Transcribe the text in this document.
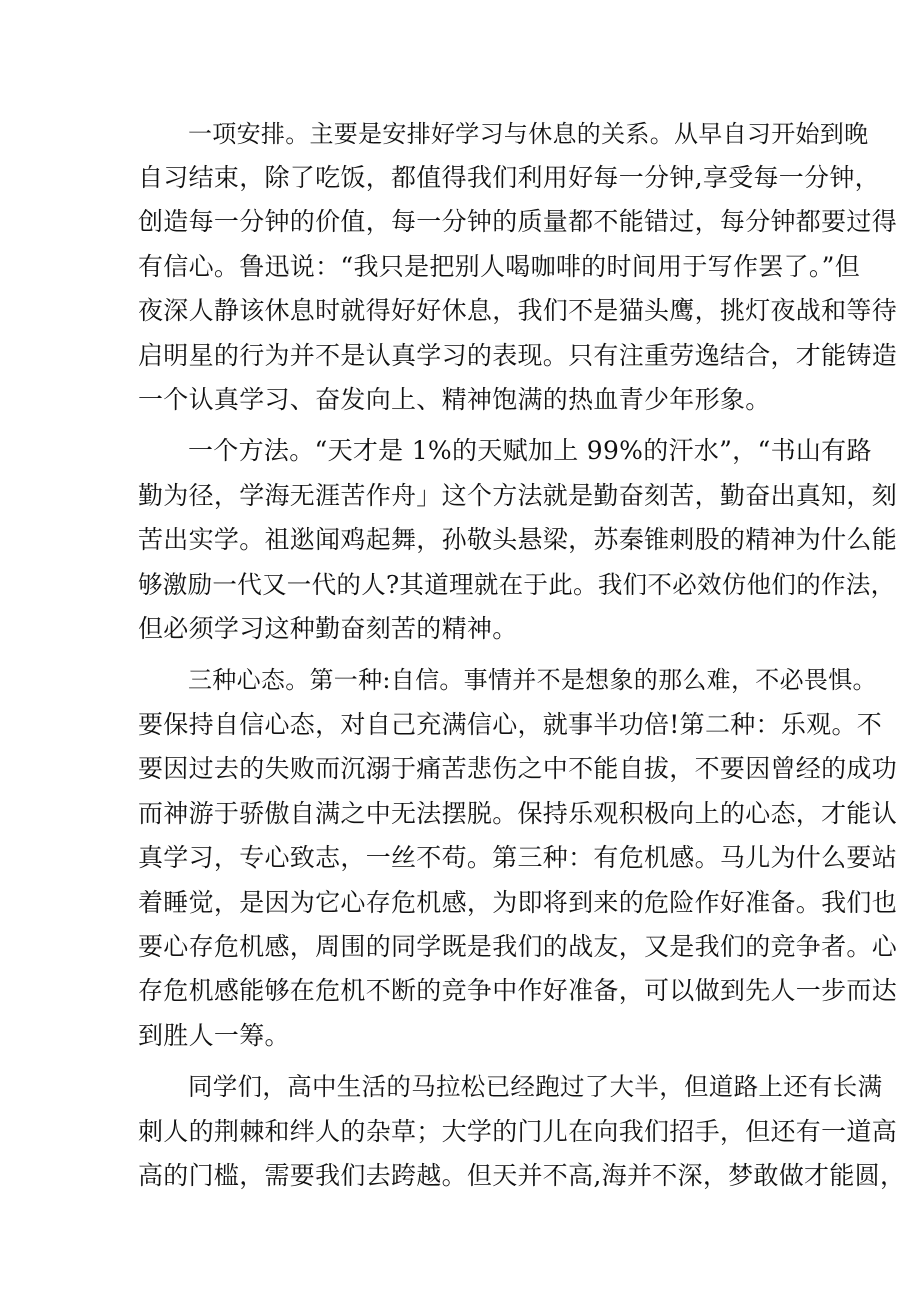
一项安排。主要是安排好学习与休息的关系。从早自习开始到晚
自习结束，除了吃饭，都值得我们利用好每一分钟,享受每一分钟，
创造每一分钟的价值，每一分钟的质量都不能错过，每分钟都要过得
有信心。鲁迅说：“我只是把别人喝咖啡的时间用于写作罢了。”但
夜深人静该休息时就得好好休息，我们不是猫头鹰，挑灯夜战和等待
启明星的行为并不是认真学习的表现。只有注重劳逸结合，才能铸造
一个认真学习、奋发向上、精神饱满的热血青少年形象。
一个方法。“天才是 1%的天赋加上 99%的汗水”，“书山有路
勤为径，学海无涯苦作舟」这个方法就是勤奋刻苦，勤奋出真知，刻
苦出实学。祖逖闻鸡起舞，孙敬头悬梁，苏秦锥刺股的精神为什么能
够激励一代又一代的人?其道理就在于此。我们不必效仿他们的作法，
但必须学习这种勤奋刻苦的精神。
三种心态。第一种:自信。事情并不是想象的那么难，不必畏惧。
要保持自信心态，对自己充满信心，就事半功倍!第二种：乐观。不
要因过去的失败而沉溺于痛苦悲伤之中不能自拔，不要因曾经的成功
而神游于骄傲自满之中无法摆脱。保持乐观积极向上的心态，才能认
真学习，专心致志，一丝不苟。第三种：有危机感。马儿为什么要站
着睡觉，是因为它心存危机感，为即将到来的危险作好准备。我们也
要心存危机感，周围的同学既是我们的战友，又是我们的竞争者。心
存危机感能够在危机不断的竞争中作好准备，可以做到先人一步而达
到胜人一筹。
同学们，高中生活的马拉松已经跑过了大半，但道路上还有长满
刺人的荆棘和绊人的杂草；大学的门儿在向我们招手，但还有一道高
高的门槛，需要我们去跨越。但天并不高,海并不深，梦敢做才能圆，
